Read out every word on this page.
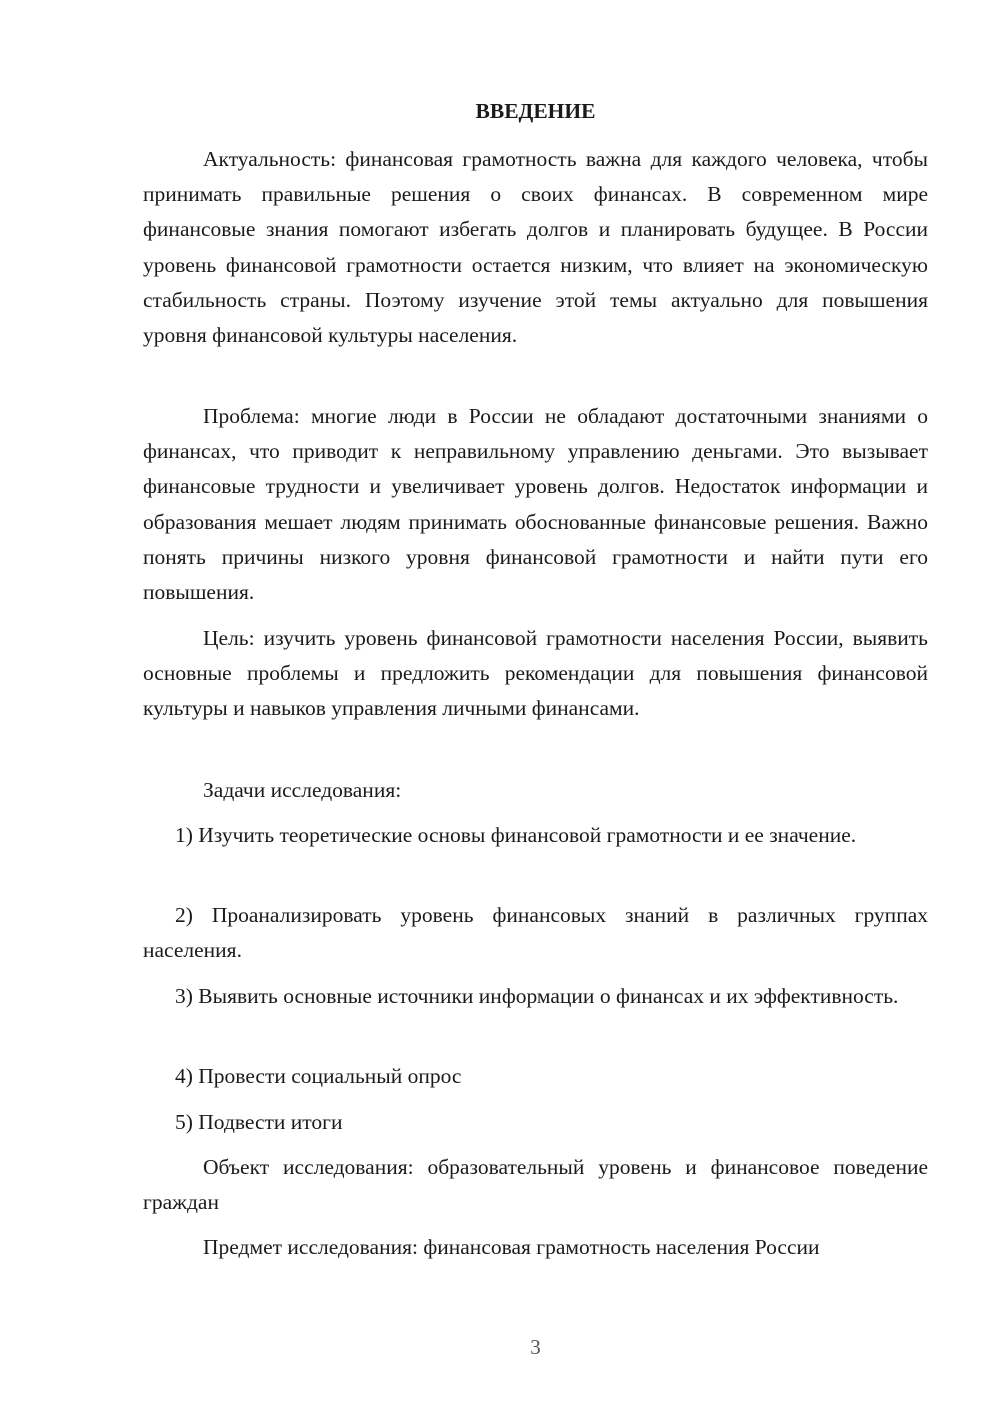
ВВЕДЕНИЕ

Актуальность: финансовая грамотность важна для каждого человека, чтобы принимать правильные решения о своих финансах. В современном мире финансовые знания помогают избегать долгов и планировать будущее. В России уровень финансовой грамотности остается низким, что влияет на экономическую стабильность страны. Поэтому изучение этой темы актуально для повышения уровня финансовой культуры населения.

Проблема: многие люди в России не обладают достаточными знаниями о финансах, что приводит к неправильному управлению деньгами. Это вызывает финансовые трудности и увеличивает уровень долгов. Недостаток информации и образования мешает людям принимать обоснованные финансовые решения. Важно понять причины низкого уровня финансовой грамотности и найти пути его повышения.

Цель: изучить уровень финансовой грамотности населения России, выявить основные проблемы и предложить рекомендации для повышения финансовой культуры и навыков управления личными финансами.

Задачи исследования:

1) Изучить теоретические основы финансовой грамотности и ее значение.

2) Проанализировать уровень финансовых знаний в различных группах населения.

3) Выявить основные источники информации о финансах и их эффективность.

4) Провести социальный опрос

5) Подвести итоги

Объект исследования: образовательный уровень и финансовое поведение граждан

Предмет исследования: финансовая грамотность населения России

3
